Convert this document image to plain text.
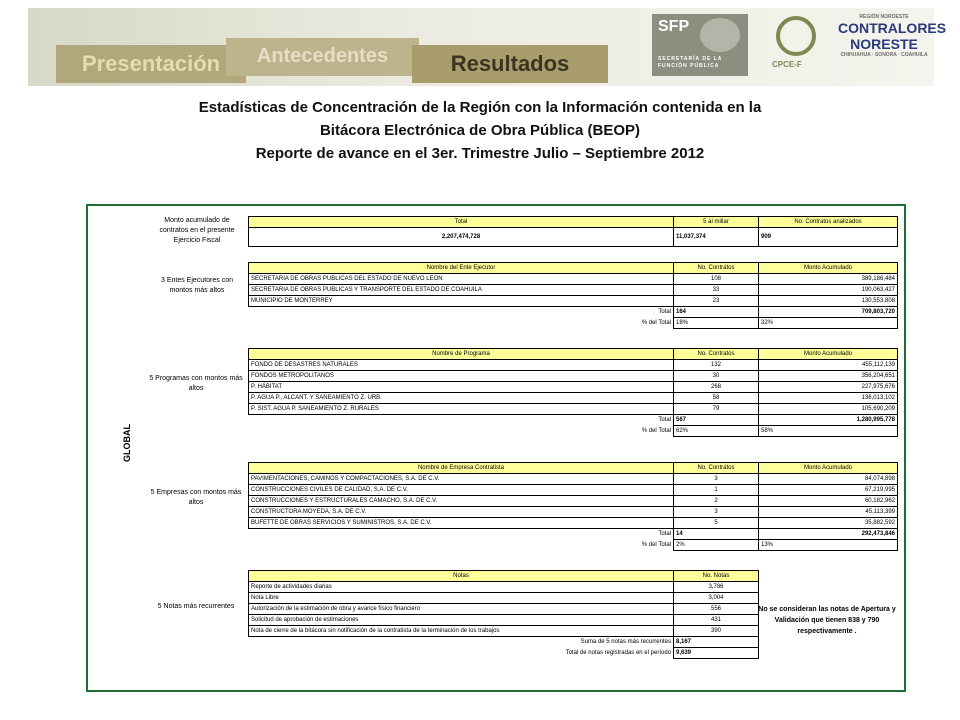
Presentación	Antecedentes	Resultados
SFP
SECRETARÍA DE LA FUNCIÓN PÚBLICA	CPCE-F
REGIÓN NOROESTE
CONTRALORES
NORESTE
CHIHUAHUA · SONORA · COAHUILA
Estadísticas de Concentración de la Región con la Información contenida en la
Bitácora Electrónica de Obra Pública (BEOP)
Reporte de avance en el 3er. Trimestre Julio – Septiembre 2012
GLOBAL
Monto acumulado de contratos en el presente Ejercicio Fiscal
Total	5 al millar	No. Contratos analizados
2,207,474,728	11,037,374	909
3 Entes Ejecutores con montos más altos
Nombre del Ente Ejecutor	No. Contratos	Monto Acumulado
SECRETARIA DE OBRAS PUBLICAS DEL ESTADO DE NUEVO LEON	108	389,186,484
SECRETARIA DE OBRAS PUBLICAS Y TRANSPORTE DEL ESTADO DE COAHUILA	33	190,063,427
MUNICIPIO DE MONTERREY	23	130,553,808
Total	164	709,803,720
% del Total	18%	32%
5 Programas con montos más altos
Nombre de Programa	No. Contratos	Monto Acumulado
FONDO DE DESASTRES NATURALES	132	455,112,139
FONDOS METROPOLITANOS	30	356,204,651
P. HÁBITAT	268	227,975,676
P. AGUA P., ALCANT. Y SANEAMIENTO Z. URB.	58	136,013,102
P. SIST. AGUA P. SANEAMIENTO Z. RURALES	79	105,690,209
Total	567	1,280,995,778
% del Total	62%	58%
5 Empresas con montos más altos
Nombre de Empresa Contratista	No. Contratos	Monto Acumulado
PAVIMENTACIONES, CAMINOS Y COMPACTACIONES, S.A. DE C.V.	3	84,074,898
CONSTRUCCIONES CIVILES DE CALIDAD, S.A. DE C.V.	1	67,219,995
CONSTRUCCIONES Y ESTRUCTURALES CAMACHO, S.A. DE C.V.	2	60,182,962
CONSTRUCTORA MOYEDA, S.A. DE C.V.	3	45,113,399
BUFETTE DE OBRAS SERVICIOS Y SUMINISTROS, S.A. DE C.V.	5	35,882,592
Total	14	292,473,846
% del Total	2%	13%
5 Notas más recurrentes
Notas	No. Notas
Reporte de actividades diarias	3,786
Nota Libre	3,004
Autorización de la estimación de obra y avance físico financiero	556
Solicitud de aprobación de estimaciones	431
Nota de cierre de la bitácora sin notificación de la contratista de la terminación de los trabajos	390
Suma de 5 notas más recurrentes	8,167
Total de notas registradas en el período	9,639
No se consideran las notas de Apertura y Validación que tienen 838 y 790 respectivamente .
